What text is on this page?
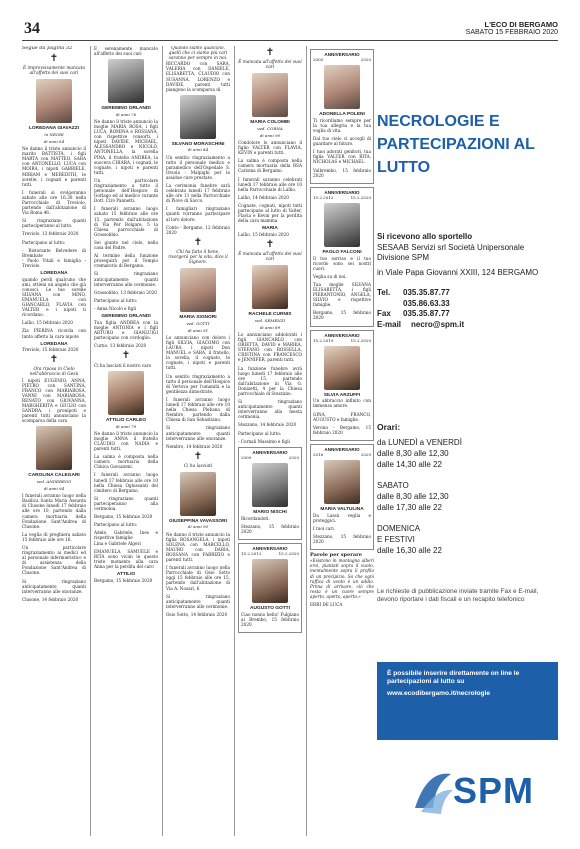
34	L'ECO DI BERGAMO
SABATO 15 FEBBRAIO 2020
Segue da pagina 32
✝
È improvvisamente mancata all'affetto dei suoi cari
LOREDANA GIAVAZZI
in NEGRI
di anni 64
Ne danno il triste annuncio il marito BATTISTA, i figli MARTA con MATTEO, SARA con ANTONELLO, LUCA con MOIRA, i nipoti GABRIELE, MIRIAM e MEREDITH, le sorelle, i cognati e parenti tutti.
I funerali si svolgeranno sabato alle ore 16,30 nella Parrocchiale di Treviolo, partendo dall'abitazione di Via Roma 46.
Si ringraziano quanti parteciperanno al lutto.
Treviolo, 13 febbraio 2020
Partecipano al lutto:
- Ristorante Belvedere di Brembate
- Paolo Vitali e famiglia - Treviolo
LOREDANA
quando perdi qualcuno che ami, ottieni un angelo che già conosci. Le tue sorelle SILVANA con MINO, EMANUELA con GIANCARLO, FLAVIA con VALTER e i nipoti ti ricordano.
Lallio, 15 febbraio 2020
Zia PIERINA ricorda con tanto affetto la cara nipote
LOREDANA
Treviolo, 15 febbraio 2020
✝
Ora riposa in Cielo nell'abbraccio di Gesù
I nipoti EUGENIO, ANNA, PIETRO con SANTINA, FRANCO con MARIAROSA, VANNI con MARIAROSA, RENATO con GIOVANNA, MARGHERITA e GIULIO con SANDRA, i pronipoti e parenti tutti annunciano la scomparsa della cara
CAROLINA CALEGARI
ved. ANDEREGG
di anni 94
I funerali avranno luogo nella Basilica Santa Maria Assunta di Clusone lunedì 17 febbraio alle ore 10, partendo dalla camera mortuaria della Fondazione Sant'Andrea di Clusone.
La veglia di preghiera sabato 15 febbraio alle ore 16.
Un particolare ringraziamento ai medici ed al personale infermieristico e di assistenza della Fondazione Sant'Andrea di Clusone.
Si ringraziano anticipatamente quanti interverranno alle onoranze.
Clusone, 14 febbraio 2020
È serenamente mancato all'affetto dei suoi cari
GEREMINO ORLANDI
di anni 76
Ne danno il triste annuncio la moglie MARIA ROSA, i figli LUCA, ROMINA e ROSSANA, con rispettive consorti, i nipoti DAVIDE, MICHAEL, ALESSANDRO e NICOLÒ, ANTONELLA, la sorella PINA, il fratello ANDREA, la suocera CHIARA, i cognati, le cognate, i nipoti e parenti tutti.
Un particolare ringraziamento a tutto il personale dell'Hospice di Gorlago ed al medico curante Dott. Ciro Pannetti.
I funerali avranno luogo sabato 15 febbraio alle ore 15, partendo dall'abitazione di Via Per Bolgare, 5 la Chiesa parrocchiale di Grassobbio.
Sei giunto nel cielo, nella casa del Padre.
Al termine della funzione proseguirà per il Tempio crematorio di Bergamo.
Si ringraziano anticipatamente quanti interverranno alle cerimonie.
Grassobbio, 13 febbraio 2020
Partecipano al lutto:
- Anna Nicolò e figli
GEREMINO ORLANDI
Tua figlia ANDREA con la moglie ANTONIA e i figli ARTURO e GIANLUIGI partecipano con cordoglio.
Curno, 13 febbraio 2020
✝
Ci ha lasciati il nostro caro
ATTILIO CARLEO
di anni 79
Ne danno il triste annuncio la moglie ANNA il fratello CLAUDIO con NADIA e parenti tutti.
La salma è composta nella camera mortuaria della Clinica Gavazzeni.
I funerali avranno luogo lunedì 17 febbraio alle ore 10 nella Chiesa Ognissanti del cimitero di Bergamo.
Si ringraziano quanti parteciperanno alla cerimonia.
Bergamo, 15 febbraio 2020
Partecipano al lutto:
Adele, Gabriele, Ines e rispettive famiglie
Lina e Gabriele Algeri
EMANUELA, SAMUELE e RITA sono vicini in questo triste momento alla cara Anna per la perdita del caro
ATTILIO
Bergamo, 15 febbraio 2020
Quando siamo qualcuno, quelli che ci siamo più cari saranno per sempre in noi.
RICCARDO con SARA, VALERIA con DANIELE, ELISABETTA, CLAUDIO con SUSANNA, LORENZO e DAVIDE, parenti tutti piangono la scomparsa di
SILVANO MORASCHINI
di anni 84
Un sentito ringraziamento a tutto il personale medico e paramedico dell'Ospedale S. Orsola - Malpighi per le assidue cure prestate.
La cerimonia funebre sarà celebrata lunedì 17 febbraio alle ore 11 nella Parrocchiale di Piove di Sacco.
I famigliari ringraziano quanti vorranno partecipare al loro dolore.
Conto - Bergamo, 12 febbraio 2020
✝
Chi ha fatto il bene, risorgerà per la vita, dice il Signore.
MARIA SIGNORI
ved. GOTTI
di anni 91
Lo annunciano con dolore i figli SILVIA, GIACOMO con LAURA, i nipoti Don MANUEL e SARA, il fratello, la sorella, il cognato, le cognate, i nipoti e parenti tutti.
Un sentito ringraziamento a tutto il personale dell'Hospice di Vertova per l'umanità e la gentilezza dimostrate.
I funerali avranno luogo lunedì 17 febbraio alle ore 10 nella Chiesa Plebana di Nembro, partendo dalla Chiesa di San Sebastiano.
Si ringraziano anticipatamente quanti interverranno alle onoranze.
Nembro, 14 febbraio 2020
✝
Ci ha lasciati
GIUSEPPINA VAVASSORI
di anni 90
Ne danno il triste annuncio la figlia ROSANGELA, i nipoti SOLENA con MARCELLO, MAURO con DARIA, ROSSANA con FABRIZIO e parenti tutti.
I funerali avranno luogo nella Parrocchiale di Osio Sotto oggi 15 febbraio alle ore 15, partendo dall'abitazione di Via A. Nosari, 6.
Si ringraziano anticipatamente quanti interverranno alle cerimonie.
Osio Sotto, 14 febbraio 2020
✝
È mancata all'affetto dei suoi cari
MARIA COLOMBI
ved. CORNA
di anni 90
Condolore lo annunciano il figlio VALTER con FLAVIA, KEVIN e parenti tutti.
La salma è composta nella camera mortuaria della RSA Carisma di Bergamo.
I funerali saranno celebrati lunedì 17 febbraio alle ore 10 nella Parrocchiale di Lallio.
Lallio, 14 febbraio 2020
Cognate, cognati, nipoti tutti partecipano al lutto di Valter, Flavia e Kevin per la perdita della cara mamma
MARIA
Lallio, 15 febbraio 2020
✝
È mancata all'affetto dei suoi cari
RACHELE CURNIS
ved. SEMENZI
di anni 89
Lo annunciano addolorati i figli GIANCARLO con ORIETTA, DAVID e MARIKA, STEFANO con ROSSELLA, CRISTINA con FRANCESCO e JENNIFER, parenti tutti.
La funzione funebre avrà luogo lunedì 17 febbraio alle ore 15, partendo dall'abitazione in Via G. Donizetti, 4 per la Chiesa parrocchiale di Stezzano.
Si ringraziano anticipatamente quanti interverranno alla mesta cerimonia.
Stezzano, 14 febbraio 2020
Partecipano al lutto:
- Cornali Massimo e figli
ANNIVERSARIO
2009	2020
MARIO NISCHI
Ricordandoti.
Stezzano, 15 febbraio 2020
ANNIVERSARIO
15.2.2012	15.2.2020
AUGUSTO GOTTI
Ciao nonno bello! Fulgiano ai Brembo, 15 febbraio 2020
ANNIVERSARIO
2005	2020
ADONELLA POLENI
Ti ricordiamo sempre per la tua allegria e la tua voglia di vita.
Dal tuo cielo ci accogli di guardare al futuro.
I tuoi adorati genitori, tua figlia VALTER con RITA, NICHOLAS e MICHAEL.
Valbrembo, 15 febbraio 2020
ANNIVERSARIO
15.2.2012	15.2.2020
PAOLO FALCONI
Il tuo sorriso e il tuo ricordo sono sei nostri cuori.
Veglia su di noi.
Tua moglie SILVANA ELISABETTA, i figli PIERANTONIO, ANGELA, SILVIO e rispettive famiglie.
Bergamo, 15 febbraio 2020
ANNIVERSARIO
15.2.2019	15.2.2020
SILVIA ARZUFFI
Un abbraccio infinito con immenso amore.
GINA, FRANCO, AUGUSTO e famiglie.
Verona - Bergamo, 15 febbraio 2020
ANNIVERSARIO
2016	2020
MARIA VALTULINA
Da Lassù veglia e proteggici.
I tuoi cari.
Stezzano, 15 febbraio 2020
Parole per sperare
«Esistono in montagna alberi eroi, piantati sopra il vuoto, mentalmente sopra il profilo di un precipizio. Sa che ogni raffica di vento è un addio. Prima di arrivare, ciò che resta è un cuore sempre aperto, aperto, aperto.»
ERRI DE LUCA
NECROLOGIE E PARTECIPAZIONI AL LUTTO
Si ricevono allo sportello
SESAAB Servizi srl Società Unipersonale Divisione SPM
in Viale Papa Giovanni XXIII, 124 BERGAMO
Tel.	035.35.87.77
035.86.63.33
Fax	035.35.87.77
E-mail	necro@spm.it
Orari:
da LUNEDÌ a VENERDÌ
dalle 8,30 alle 12,30
dalle 14,30 alle 22
SABATO
dalle 8,30 alle 12,30
dalle 17,30 alle 22
DOMENICA
E FESTIVI
dalle 16,30 alle 22
Le richieste di pubblicazione inviate tramite Fax e E-mail, devono riportare i dati fiscali e un recapito telefonico
È possibile inserire direttamente on line le partecipazioni al lutto su
www.ecodibergamo.it/necrologie
SPM
